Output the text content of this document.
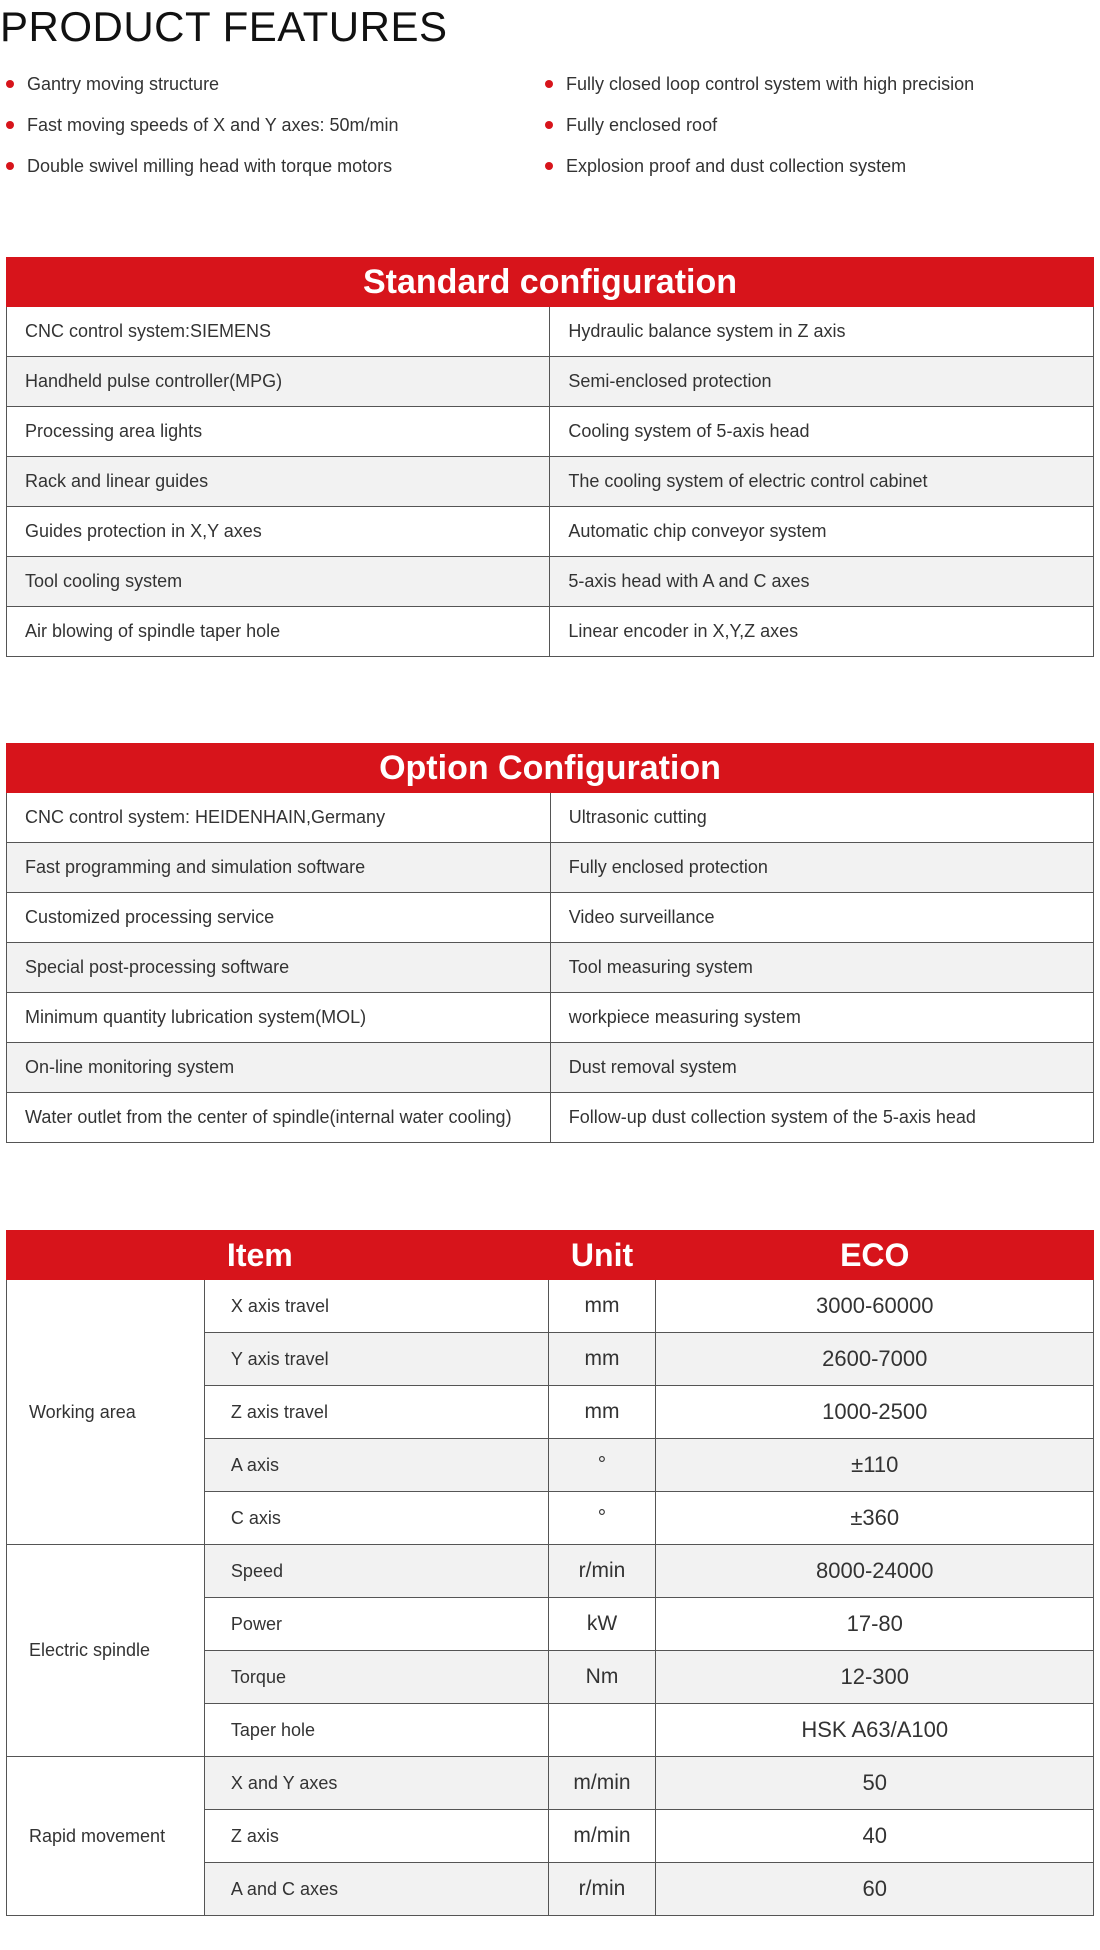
PRODUCT FEATURES
Gantry moving structure
Fast moving speeds of X and Y axes: 50m/min
Double swivel milling head with torque motors
Fully closed loop control system with high precision
Fully enclosed roof
Explosion proof and dust collection system
Standard configuration	
CNC control system:SIEMENS	Hydraulic balance system in Z axis
Handheld pulse controller(MPG)	Semi-enclosed protection
Processing area lights	Cooling system of 5-axis head
Rack and linear guides	The cooling system of electric control cabinet
Guides protection in X,Y axes	Automatic chip conveyor system
Tool cooling system	5-axis head with A and C axes
Air blowing of spindle taper hole	Linear encoder in X,Y,Z axes
Option Configuration	
CNC control system: HEIDENHAIN,Germany	Ultrasonic cutting
Fast programming and simulation software	Fully enclosed protection
Customized processing service	Video surveillance
Special post-processing software	Tool measuring system
Minimum quantity lubrication system(MOL)	workpiece measuring system
On-line monitoring system	Dust removal system
Water outlet from the center of spindle(internal water cooling)	Follow-up dust collection system of the 5-axis head
	Item	Unit	ECO
Working area	X axis travel	mm	3000-60000
	Y axis travel	mm	2600-7000
	Z axis travel	mm	1000-2500
	A axis	°	±110
	C axis	°	±360
Electric spindle	Speed	r/min	8000-24000
	Power	kW	17-80
	Torque	Nm	12-300
	Taper hole		HSK A63/A100
Rapid movement	X and Y axes	m/min	50
	Z axis	m/min	40
	A and C axes	r/min	60
